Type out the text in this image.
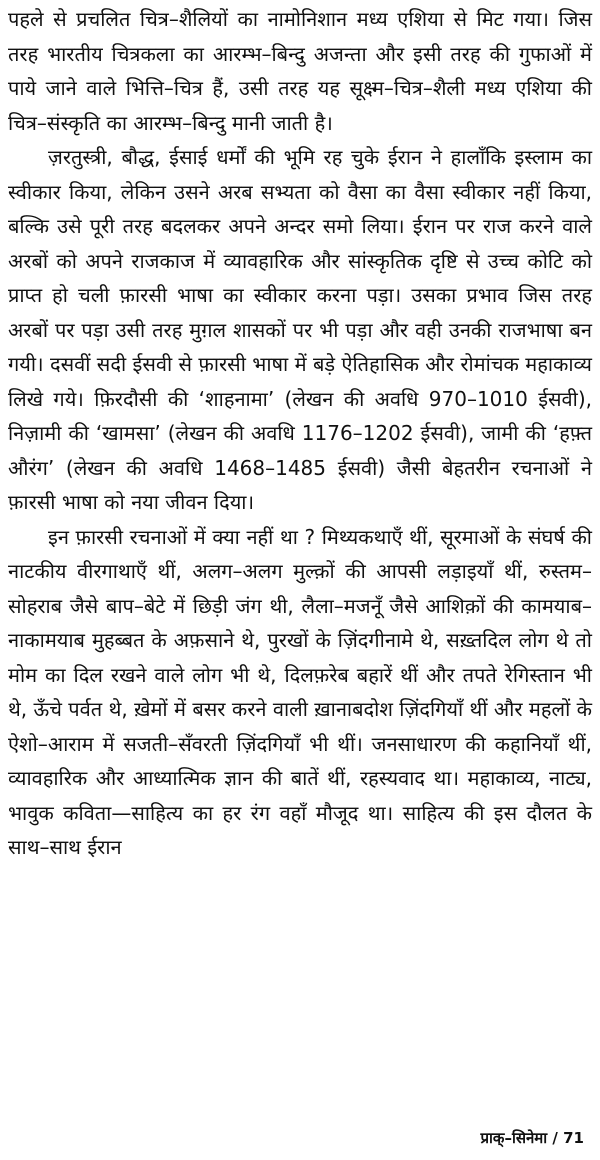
पहले से प्रचलित चित्र–शैलियों का नामोनिशान मध्य एशिया से मिट गया। जिस तरह भारतीय चित्रकला का आरम्भ–बिन्दु अजन्ता और इसी तरह की गुफाओं में पाये जाने वाले भित्ति–चित्र हैं, उसी तरह यह सूक्ष्म–चित्र–शैली मध्य एशिया की चित्र–संस्कृति का आरम्भ–बिन्दु मानी जाती है।

ज़रतुस्त्री, बौद्ध, ईसाई धर्मों की भूमि रह चुके ईरान ने हालाँकि इस्लाम का स्वीकार किया, लेकिन उसने अरब सभ्यता को वैसा का वैसा स्वीकार नहीं किया, बल्कि उसे पूरी तरह बदलकर अपने अन्दर समो लिया। ईरान पर राज करने वाले अरबों को अपने राजकाज में व्यावहारिक और सांस्कृतिक दृष्टि से उच्च कोटि को प्राप्त हो चली फ़ारसी भाषा का स्वीकार करना पड़ा। उसका प्रभाव जिस तरह अरबों पर पड़ा उसी तरह मुग़ल शासकों पर भी पड़ा और वही उनकी राजभाषा बन गयी। दसवीं सदी ईसवी से फ़ारसी भाषा में बड़े ऐतिहासिक और रोमांचक महाकाव्य लिखे गये। फ़िरदौसी की ‘शाहनामा’ (लेखन की अवधि 970–1010 ईसवी), निज़ामी की ‘खामसा’ (लेखन की अवधि 1176–1202 ईसवी), जामी की ‘हफ़्त औरंग’ (लेखन की अवधि 1468–1485 ईसवी) जैसी बेहतरीन रचनाओं ने फ़ारसी भाषा को नया जीवन दिया।

इन फ़ारसी रचनाओं में क्या नहीं था ? मिथ्यकथाएँ थीं, सूरमाओं के संघर्ष की नाटकीय वीरगाथाएँ थीं, अलग–अलग मुल्क़ों की आपसी लड़ाइयाँ थीं, रुस्तम–सोहराब जैसे बाप–बेटे में छिड़ी जंग थी, लैला–मजनूँ जैसे आशिक़ों की कामयाब–नाकामयाब मुहब्बत के अफ़साने थे, पुरखों के ज़िंदगीनामे थे, सख़्तदिल लोग थे तो मोम का दिल रखने वाले लोग भी थे, दिलफ़रेब बहारें थीं और तपते रेगिस्तान भी थे, ऊँचे पर्वत थे, ख़ेमों में बसर करने वाली ख़ानाबदोश ज़िंदगियाँ थीं और महलों के ऐशो–आराम में सजती–सँवरती ज़िंदगियाँ भी थीं। जनसाधारण की कहानियाँ थीं, व्यावहारिक और आध्यात्मिक ज्ञान की बातें थीं, रहस्यवाद था। महाकाव्य, नाट्य, भावुक कविता—साहित्य का हर रंग वहाँ मौजूद था। साहित्य की इस दौलत के साथ–साथ ईरान

प्राक्–सिनेमा / 71
